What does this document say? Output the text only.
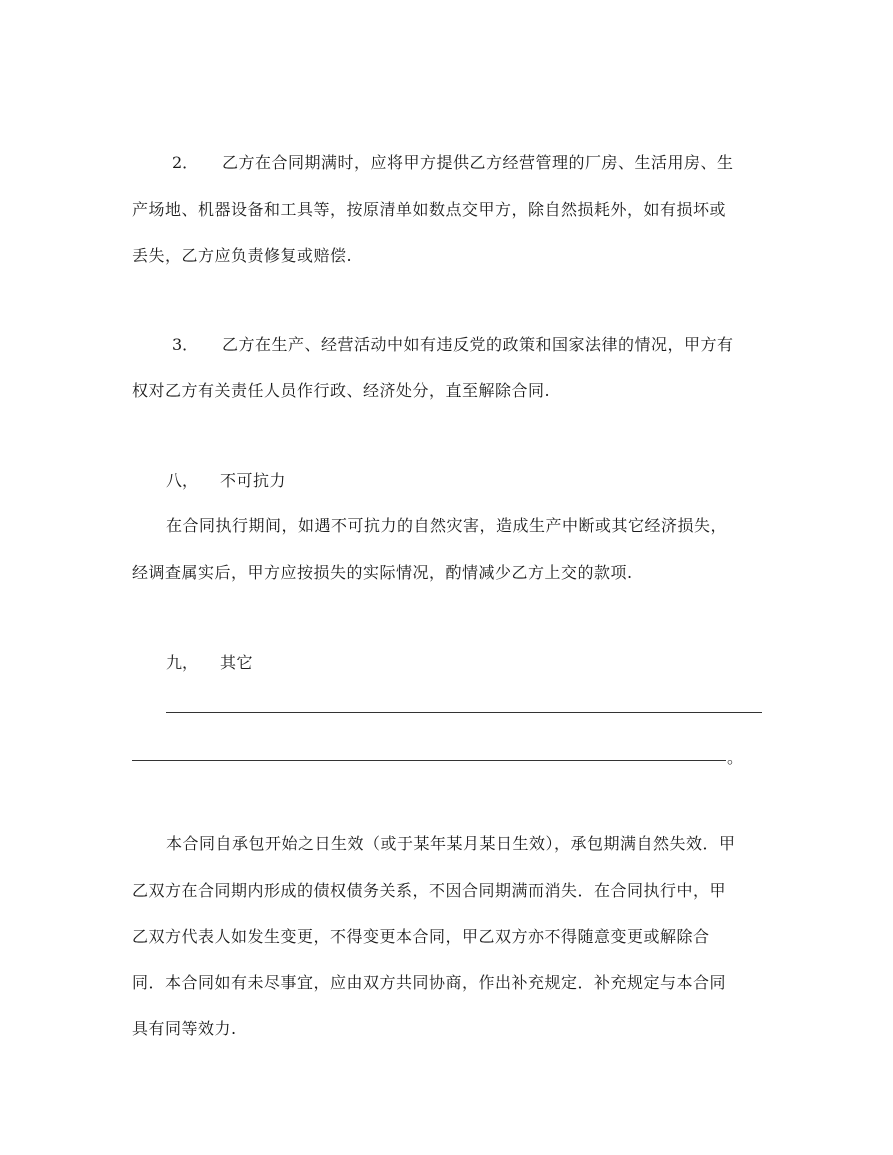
2． 乙方在合同期满时，应将甲方提供乙方经营管理的厂房、生活用房、生
产场地、机器设备和工具等，按原清单如数点交甲方，除自然损耗外，如有损坏或
丢失，乙方应负责修复或赔偿.
3． 乙方在生产、经营活动中如有违反党的政策和国家法律的情况，甲方有
权对乙方有关责任人员作行政、经济处分，直至解除合同.
八， 不可抗力
在合同执行期间，如遇不可抗力的自然灾害，造成生产中断或其它经济损失，
经调查属实后，甲方应按损失的实际情况，酌情减少乙方上交的款项.
九， 其它
。
本合同自承包开始之日生效（或于某年某月某日生效），承包期满自然失效．甲
乙双方在合同期内形成的债权债务关系，不因合同期满而消失．在合同执行中，甲
乙双方代表人如发生变更，不得变更本合同，甲乙双方亦不得随意变更或解除合
同．本合同如有未尽事宜，应由双方共同协商，作出补充规定．补充规定与本合同
具有同等效力.
